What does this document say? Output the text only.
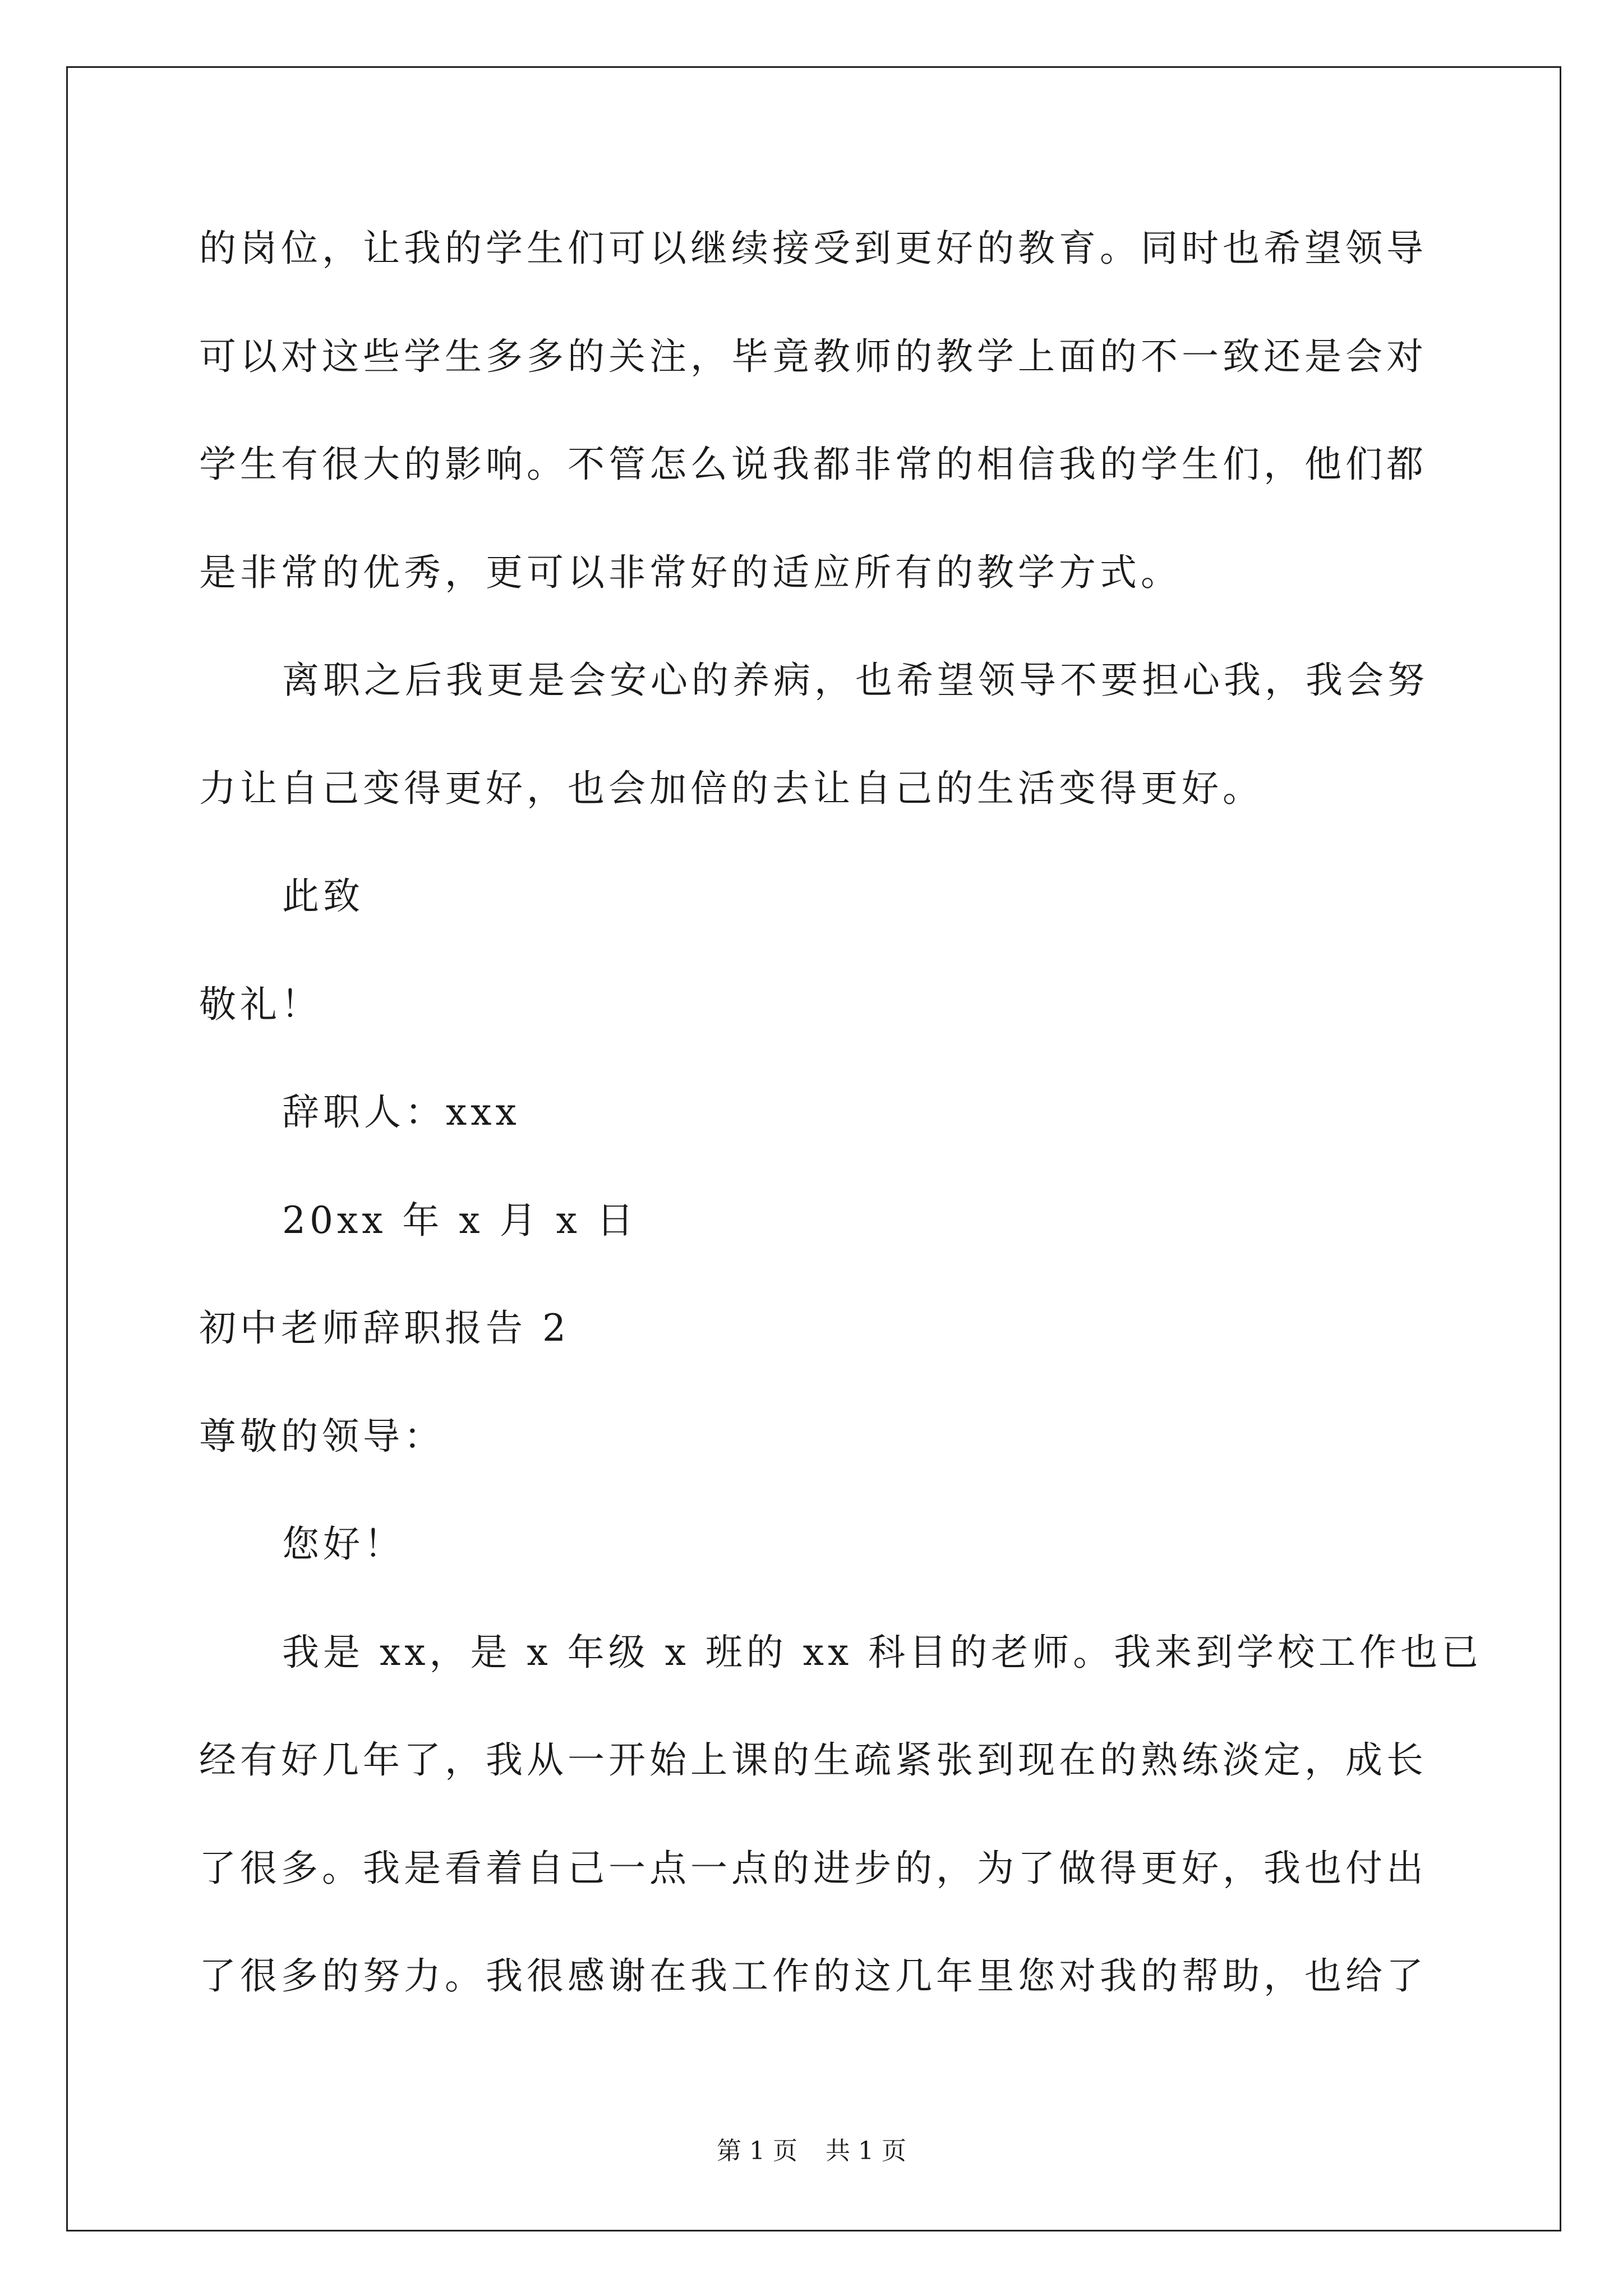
的岗位，让我的学生们可以继续接受到更好的教育。同时也希望领导
可以对这些学生多多的关注，毕竟教师的教学上面的不一致还是会对
学生有很大的影响。不管怎么说我都非常的相信我的学生们，他们都
是非常的优秀，更可以非常好的适应所有的教学方式。
离职之后我更是会安心的养病，也希望领导不要担心我，我会努
力让自己变得更好，也会加倍的去让自己的生活变得更好。
此致
敬礼！
辞职人：xxx
20xx 年 x 月 x 日
初中老师辞职报告 2
尊敬的领导：
您好！
我是 xx，是 x 年级 x 班的 xx 科目的老师。我来到学校工作也已
经有好几年了，我从一开始上课的生疏紧张到现在的熟练淡定，成长
了很多。我是看着自己一点一点的进步的，为了做得更好，我也付出
了很多的努力。我很感谢在我工作的这几年里您对我的帮助，也给了
第 1 页 共 1 页
